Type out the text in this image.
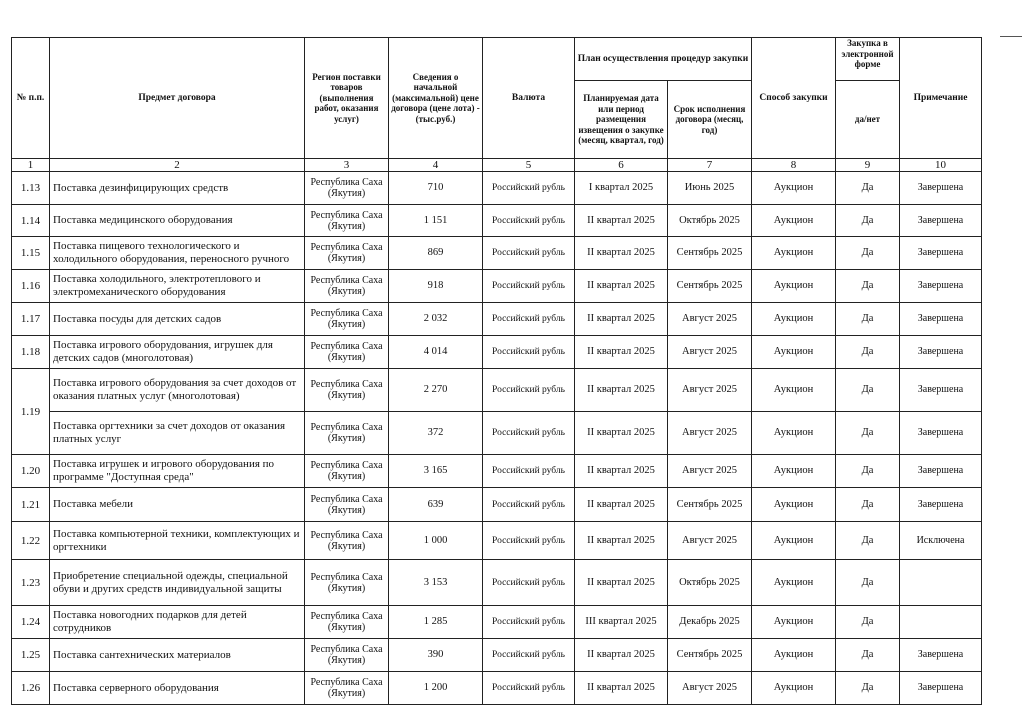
№ п.п.	Предмет договора	Регион поставки товаров (выполнения работ, оказания услуг)	Сведения о начальной (максимальной) цене договора (цене лота) - (тыс.руб.)	Валюта	План осуществления процедур закупки		Способ закупки	Закупка в электронной форме	Примечание
					Планируемая дата или период размещения извещения о закупке (месяц, квартал, год)	Срок исполнения договора (месяц, год)		да/нет	
1	2	3	4	5	6	7	8	9	10
1.13	Поставка дезинфицирующих средств	Республика Саха (Якутия)	710	Российский рубль	I квартал 2025	Июнь 2025	Аукцион	Да	Завершена
1.14	Поставка медицинского оборудования	Республика Саха (Якутия)	1 151	Российский рубль	II квартал 2025	Октябрь 2025	Аукцион	Да	Завершена
1.15	Поставка пищевого технологического и холодильного оборудования, переносного ручного	Республика Саха (Якутия)	869	Российский рубль	II квартал 2025	Сентябрь 2025	Аукцион	Да	Завершена
1.16	Поставка холодильного, электротеплового и электромеханического оборудования	Республика Саха (Якутия)	918	Российский рубль	II квартал 2025	Сентябрь 2025	Аукцион	Да	Завершена
1.17	Поставка посуды для детских садов	Республика Саха (Якутия)	2 032	Российский рубль	II квартал 2025	Август 2025	Аукцион	Да	Завершена
1.18	Поставка игрового оборудования, игрушек для детских садов (многолотовая)	Республика Саха (Якутия)	4 014	Российский рубль	II квартал 2025	Август 2025	Аукцион	Да	Завершена
1.19	Поставка игрового оборудования за счет доходов от оказания платных услуг (многолотовая)	Республика Саха (Якутия)	2 270	Российский рубль	II квартал 2025	Август 2025	Аукцион	Да	Завершена
	Поставка оргтехники за счет доходов от оказания платных услуг	Республика Саха (Якутия)	372	Российский рубль	II квартал 2025	Август 2025	Аукцион	Да	Завершена
1.20	Поставка игрушек и игрового оборудования по программе "Доступная среда"	Республика Саха (Якутия)	3 165	Российский рубль	II квартал 2025	Август 2025	Аукцион	Да	Завершена
1.21	Поставка мебели	Республика Саха (Якутия)	639	Российский рубль	II квартал 2025	Сентябрь 2025	Аукцион	Да	Завершена
1.22	Поставка компьютерной техники, комплектующих и оргтехники	Республика Саха (Якутия)	1 000	Российский рубль	II квартал 2025	Август 2025	Аукцион	Да	Исключена
1.23	Приобретение специальной одежды, специальной обуви и других средств индивидуальной защиты	Республика Саха (Якутия)	3 153	Российский рубль	II квартал 2025	Октябрь 2025	Аукцион	Да	
1.24	Поставка новогодних подарков для детей сотрудников	Республика Саха (Якутия)	1 285	Российский рубль	III квартал 2025	Декабрь 2025	Аукцион	Да	
1.25	Поставка сантехнических материалов	Республика Саха (Якутия)	390	Российский рубль	II квартал 2025	Сентябрь 2025	Аукцион	Да	Завершена
1.26	Поставка серверного оборудования	Республика Саха (Якутия)	1 200	Российский рубль	II квартал 2025	Август 2025	Аукцион	Да	Завершена
